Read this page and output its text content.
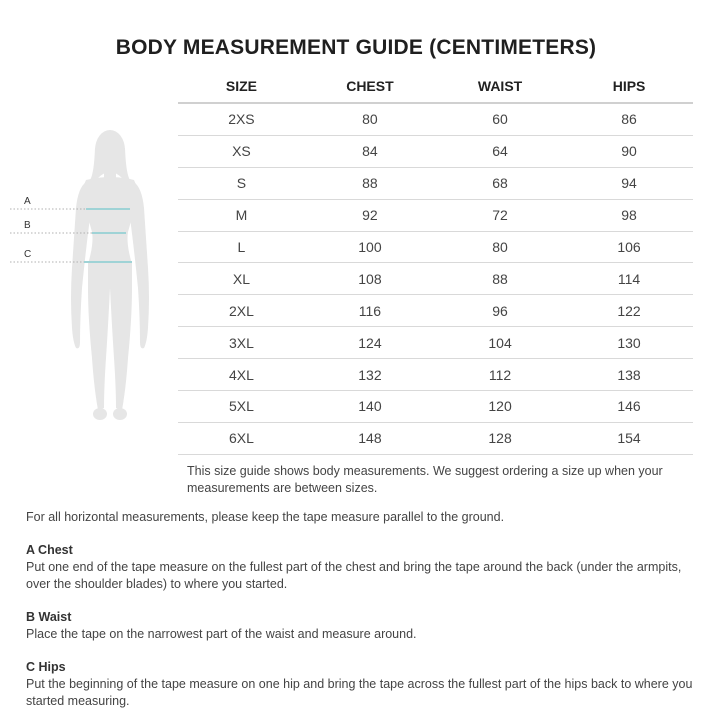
BODY MEASUREMENT GUIDE (CENTIMETERS)
A
B
C
SIZE	CHEST	WAIST	HIPS
2XS	80	60	86
XS	84	64	90
S	88	68	94
M	92	72	98
L	100	80	106
XL	108	88	114
2XL	116	96	122
3XL	124	104	130
4XL	132	112	138
5XL	140	120	146
6XL	148	128	154
This size guide shows body measurements. We suggest ordering a size up when your measurements are between sizes.
For all horizontal measurements, please keep the tape measure parallel to the ground.
A Chest
Put one end of the tape measure on the fullest part of the chest and bring the tape around the back (under the armpits, over the shoulder blades) to where you started.
B Waist
Place the tape on the narrowest part of the waist and measure around.
C Hips
Put the beginning of the tape measure on one hip and bring the tape across the fullest part of the hips back to where you started measuring.
